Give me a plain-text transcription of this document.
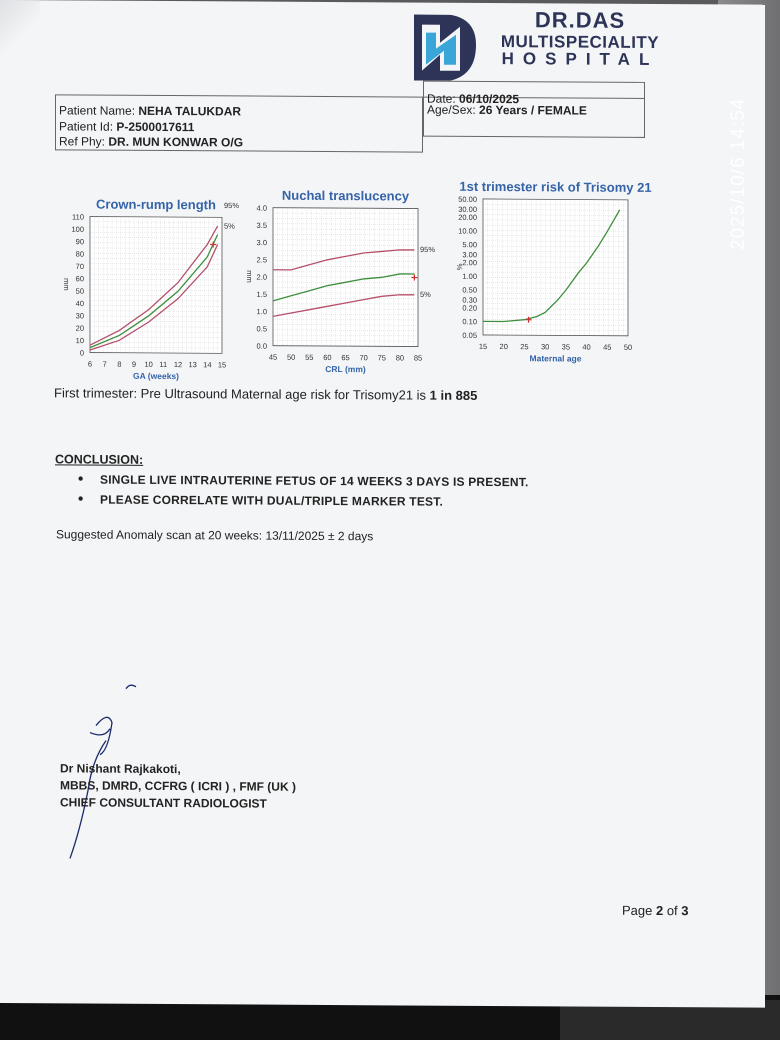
DR.DAS
MULTISPECIALITY
HOSPITAL
Patient Name: NEHA TALUKDAR
Patient Id: P-2500017611
Ref Phy: DR. MUN KONWAR O/G
Date: 06/10/2025
Age/Sex: 26 Years / FEMALE
Crown-rump length
0
10
20
30
40
50
60
70
80
90
100
110
6 7 8 9 10 11 12 13 14 15
GA (weeks)
mm
95%
5%
Nuchal translucency
0.0
0.5
1.0
1.5
2.0
2.5
3.0
3.5
4.0
45 50 55 60 65 70 75 80 85
CRL (mm)
mm
95%
5%
1st trimester risk of Trisomy 21
0.05
0.10
0.20
0.30
0.50
1.00
2.00
3.00
5.00
10.00
20.00
30.00
50.00
15 20 25 30 35 40 45 50
Maternal age
%
First trimester: Pre Ultrasound Maternal age risk for Trisomy21 is 1 in 885
CONCLUSION:
• SINGLE LIVE INTRAUTERINE FETUS OF 14 WEEKS 3 DAYS IS PRESENT.
• PLEASE CORRELATE WITH DUAL/TRIPLE MARKER TEST.
Suggested Anomaly scan at 20 weeks: 13/11/2025 ± 2 days
Dr Nishant Rajkakoti,
MBBS, DMRD, CCFRG ( ICRI ) , FMF (UK )
CHIEF CONSULTANT RADIOLOGIST
Page 2 of 3
2025/10/6 14:54
